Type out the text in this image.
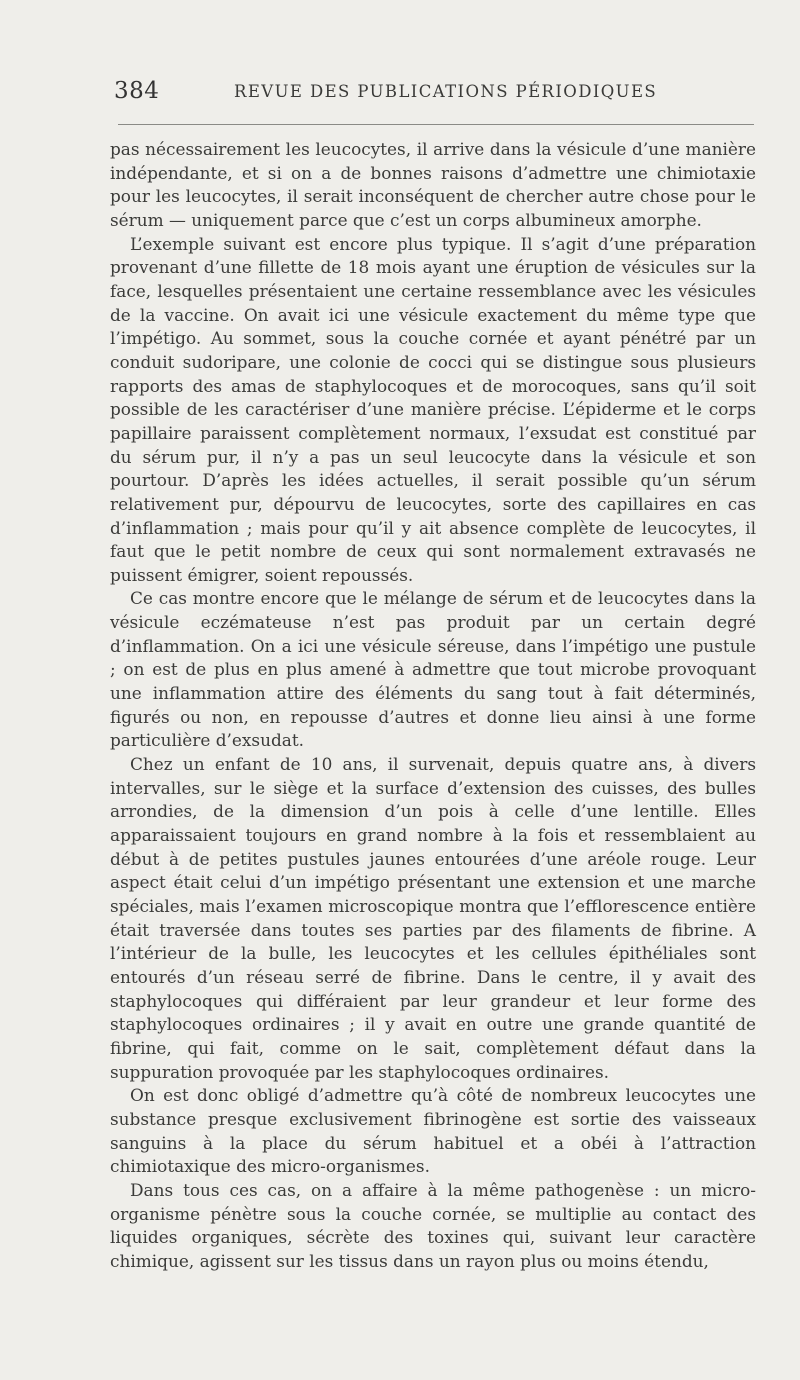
384	REVUE DES PUBLICATIONS PÉRIODIQUES

pas nécessairement les leucocytes, il arrive dans la vésicule d’une manière indépendante, et si on a de bonnes raisons d’admettre une chimiotaxie pour les leucocytes, il serait inconséquent de chercher autre chose pour le sérum — uniquement parce que c’est un corps albumineux amorphe.

L’exemple suivant est encore plus typique. Il s’agit d’une préparation provenant d’une fillette de 18 mois ayant une éruption de vésicules sur la face, lesquelles présentaient une certaine ressemblance avec les vésicules de la vaccine. On avait ici une vésicule exactement du même type que l’impétigo. Au sommet, sous la couche cornée et ayant pénétré par un conduit sudoripare, une colonie de cocci qui se distingue sous plusieurs rapports des amas de staphylocoques et de morocoques, sans qu’il soit possible de les caractériser d’une manière précise. L’épiderme et le corps papillaire paraissent complètement normaux, l’exsudat est constitué par du sérum pur, il n’y a pas un seul leucocyte dans la vésicule et son pourtour. D’après les idées actuelles, il serait possible qu’un sérum relativement pur, dépourvu de leucocytes, sorte des capillaires en cas d’inflammation ; mais pour qu’il y ait absence complète de leucocytes, il faut que le petit nombre de ceux qui sont normalement extravasés ne puissent émigrer, soient repoussés.

Ce cas montre encore que le mélange de sérum et de leucocytes dans la vésicule eczémateuse n’est pas produit par un certain degré d’inflammation. On a ici une vésicule séreuse, dans l’impétigo une pustule ; on est de plus en plus amené à admettre que tout microbe provoquant une inflammation attire des éléments du sang tout à fait déterminés, figurés ou non, en repousse d’autres et donne lieu ainsi à une forme particulière d’exsudat.

Chez un enfant de 10 ans, il survenait, depuis quatre ans, à divers intervalles, sur le siège et la surface d’extension des cuisses, des bulles arrondies, de la dimension d’un pois à celle d’une lentille. Elles apparaissaient toujours en grand nombre à la fois et ressemblaient au début à de petites pustules jaunes entourées d’une aréole rouge. Leur aspect était celui d’un impétigo présentant une extension et une marche spéciales, mais l’examen microscopique montra que l’efflorescence entière était traversée dans toutes ses parties par des filaments de fibrine. A l’intérieur de la bulle, les leucocytes et les cellules épithéliales sont entourés d’un réseau serré de fibrine. Dans le centre, il y avait des staphylocoques qui différaient par leur grandeur et leur forme des staphylocoques ordinaires ; il y avait en outre une grande quantité de fibrine, qui fait, comme on le sait, complètement défaut dans la suppuration provoquée par les staphylocoques ordinaires.

On est donc obligé d’admettre qu’à côté de nombreux leucocytes une substance presque exclusivement fibrinogène est sortie des vaisseaux sanguins à la place du sérum habituel et a obéi à l’attraction chimiotaxique des micro-organismes.

Dans tous ces cas, on a affaire à la même pathogenèse : un micro-organisme pénètre sous la couche cornée, se multiplie au contact des liquides organiques, sécrète des toxines qui, suivant leur caractère chimique, agissent sur les tissus dans un rayon plus ou moins étendu,
